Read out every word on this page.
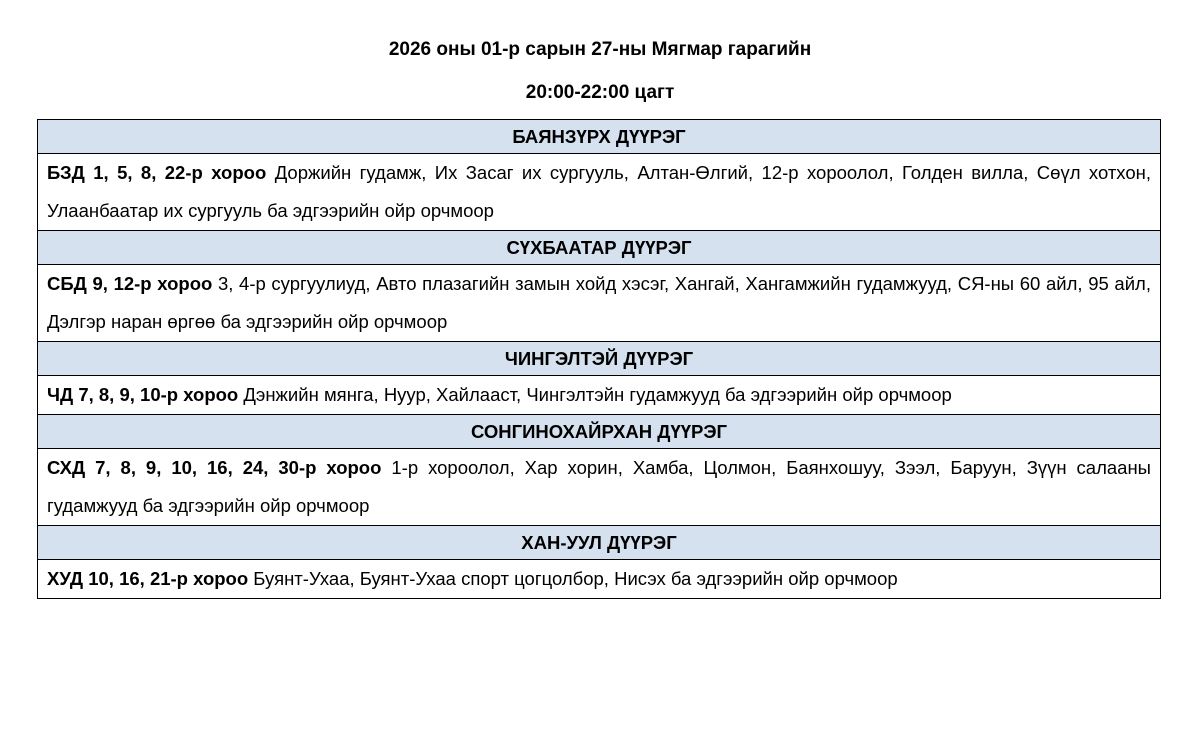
2026 оны 01-р сарын 27-ны Мягмар гарагийн
20:00-22:00 цагт
БАЯНЗҮРХ ДҮҮРЭГ
БЗД 1, 5, 8, 22-р хороо Доржийн гудамж, Их Засаг их сургууль, Алтан-Өлгий, 12-р хороолол, Голден вилла, Сөүл хотхон, Улаанбаатар их сургууль ба эдгээрийн ойр орчмоор
СҮХБААТАР ДҮҮРЭГ
СБД 9, 12-р хороо 3, 4-р сургуулиуд, Авто плазагийн замын хойд хэсэг, Хангай, Хангамжийн гудамжууд, СЯ-ны 60 айл, 95 айл, Дэлгэр наран өргөө ба эдгээрийн ойр орчмоор
ЧИНГЭЛТЭЙ ДҮҮРЭГ
ЧД 7, 8, 9, 10-р хороо Дэнжийн мянга, Нуур, Хайлааст, Чингэлтэйн гудамжууд ба эдгээрийн ойр орчмоор
СОНГИНОХАЙРХАН ДҮҮРЭГ
СХД 7, 8, 9, 10, 16, 24, 30-р хороо 1-р хороолол, Хар хорин, Хамба, Цолмон, Баянхошуу, Зээл, Баруун, Зүүн салааны гудамжууд ба эдгээрийн ойр орчмоор
ХАН-УУЛ ДҮҮРЭГ
ХУД 10, 16, 21-р хороо Буянт-Ухаа, Буянт-Ухаа спорт цогцолбор, Нисэх ба эдгээрийн ойр орчмоор
